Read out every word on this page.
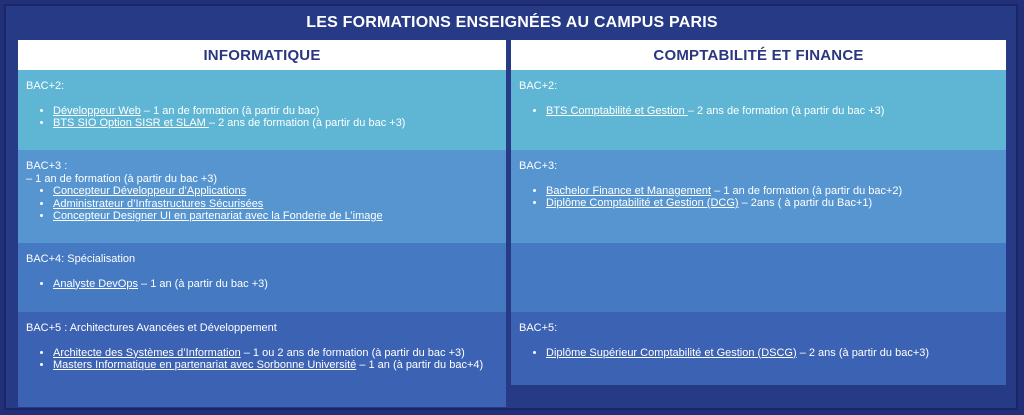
LES FORMATIONS ENSEIGNÉES AU CAMPUS PARIS
INFORMATIQUE

BAC+2:

• Développeur Web – 1 an de formation (à partir du bac)
• BTS SIO Option SISR et SLAM – 2 ans de formation (à partir du bac +3)

BAC+3 :

– 1 an de formation (à partir du bac +3)

• Concepteur Développeur d’Applications
• Administrateur d’Infrastructures Sécurisées
• Concepteur Designer UI en partenariat avec la Fonderie de L’image

BAC+4: Spécialisation

• Analyste DevOps – 1 an (à partir du bac +3)

BAC+5 : Architectures Avancées et Développement

• Architecte des Systèmes d’Information – 1 ou 2 ans de formation (à partir du bac +3)
• Masters Informatique en partenariat avec Sorbonne Université – 1 an (à partir du bac+4)
COMPTABILITÉ ET FINANCE

BAC+2:

• BTS Comptabilité et Gestion – 2 ans de formation (à partir du bac +3)

BAC+3:

• Bachelor Finance et Management – 1 an de formation (à partir du bac+2)
• Diplôme Comptabilité et Gestion (DCG) – 2ans ( à partir du Bac+1)

BAC+5:

• Diplôme Supérieur Comptabilité et Gestion (DSCG) – 2 ans (à partir du bac+3)
